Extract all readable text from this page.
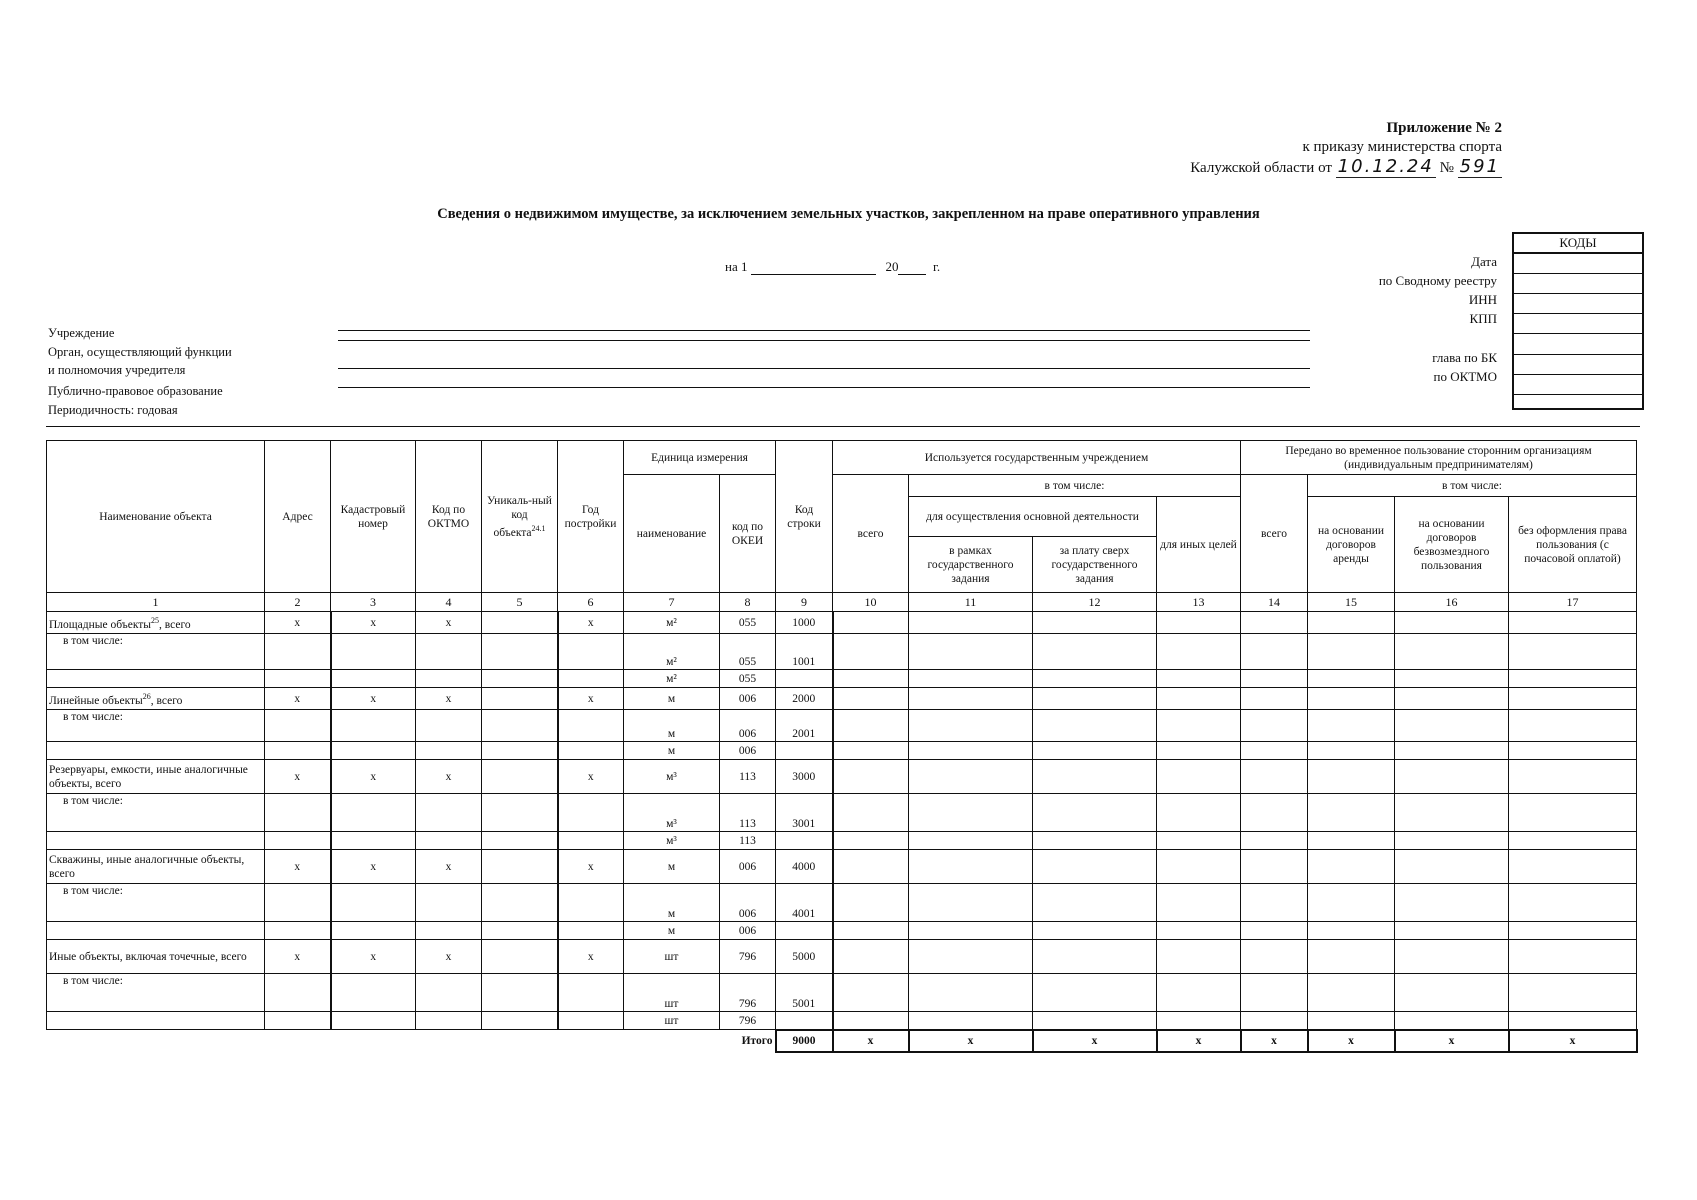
Приложение № 2
к приказу министерства спорта
Калужской области от 10.12.24 № 591
Сведения о недвижимом имуществе, за исключением земельных участков, закрепленном на праве оперативного управления
на 1	20	г.
КОДЫ
Дата
по Сводному реестру
ИНН
КПП
глава по БК
по ОКТМО
Учреждение
Орган, осуществляющий функции
и полномочия учредителя
Публично-правовое образование
Периодичность: годовая
Наименование объекта	Адрес	Кадастровый номер	Код по ОКТМО	Уникаль-ный код объекта$^{24.1}$	Год постройки	Единица измерения		Код строки	Используется государственным учреждением				Передано во временное пользование сторонним организациям (индивидуальным предпринимателям)			
						наименование	код по ОКЕИ		всего	в том числе:			всего	в том числе:		
										для осуществления основной деятельности		для иных целей		на основании договоров аренды	на основании договоров безвозмездного пользования	без оформления права пользования (с почасовой оплатой)
										в рамках государственного задания	за плату сверх государственного задания					
1	2	3	4	5	6	7	8	9	10	11	12	13	14	15	16	17
Площадные объекты$^{25}$, всего	х	х	х		х	м²	055	1000								
в том числе:						м²	055	1001								
						м²	055									
Линейные объекты$^{26}$, всего	х	х	х		х	м	006	2000								
в том числе:						м	006	2001								
						м	006									
Резервуары, емкости, иные аналогичные объекты, всего	х	х	х		х	м³	113	3000								
в том числе:						м³	113	3001								
						м³	113									
Скважины, иные аналогичные объекты, всего	х	х	х		х	м	006	4000								
в том числе:						м	006	4001								
						м	006									
Иные объекты, включая точечные, всего	х	х	х		х	шт	796	5000								
в том числе:						шт	796	5001								
						шт	796									
							Итого	9000	х	х	х	х	х	х	х	х
